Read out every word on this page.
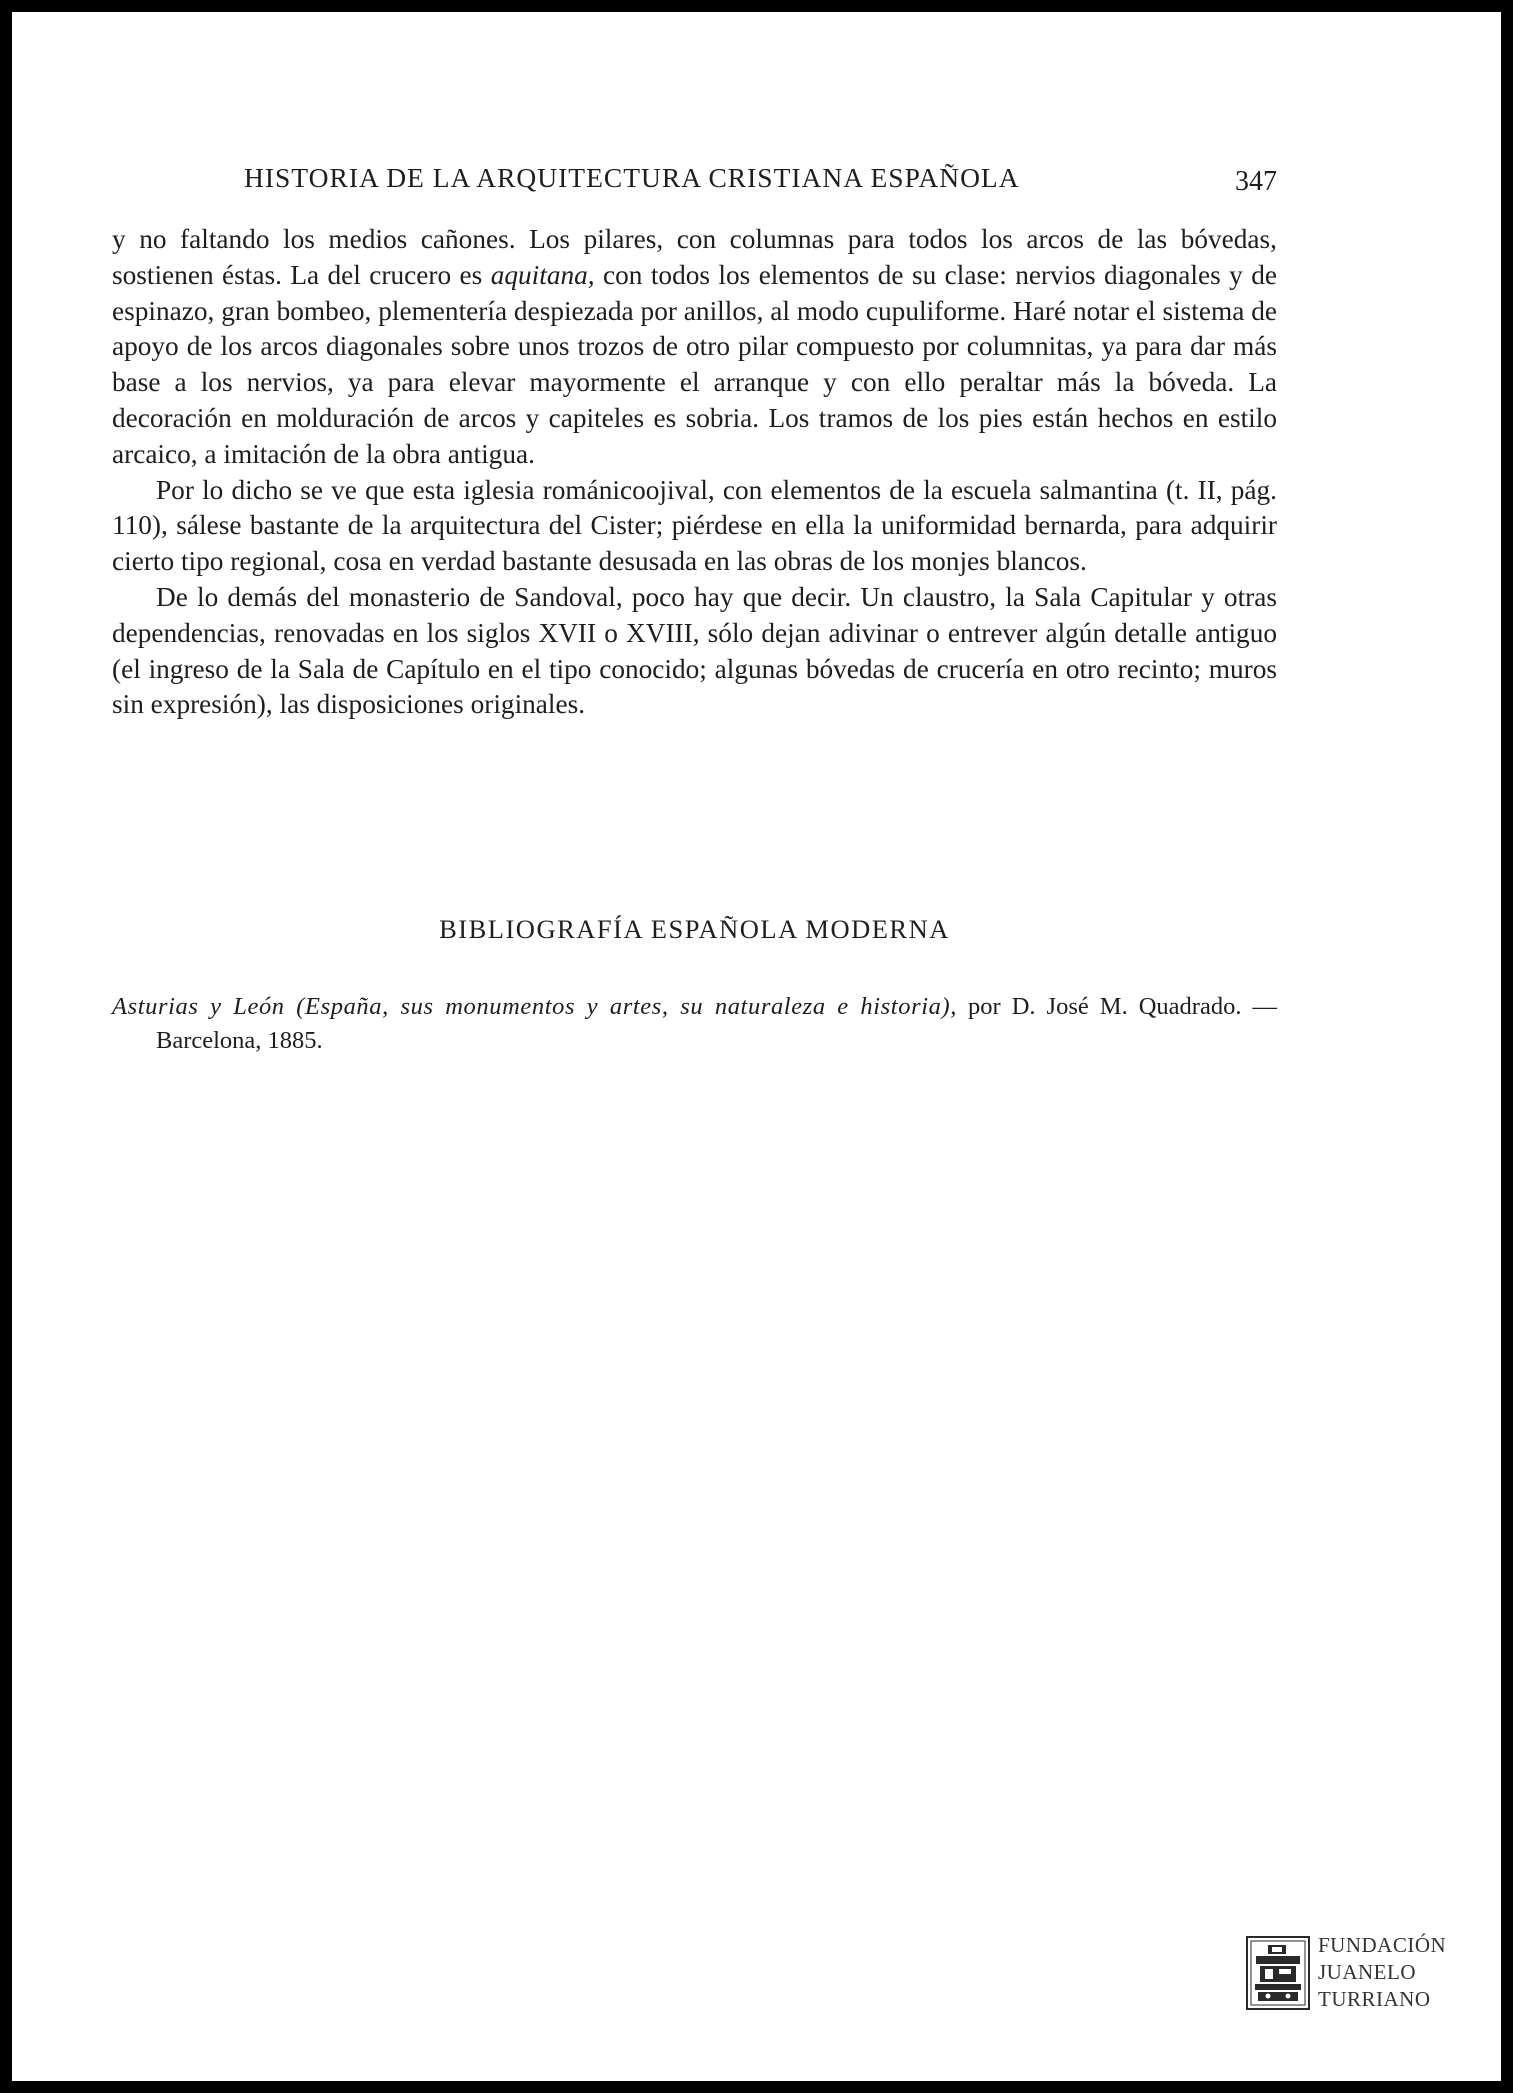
HISTORIA DE LA ARQUITECTURA CRISTIANA ESPAÑOLA	347

y no faltando los medios cañones. Los pilares, con columnas para todos los arcos de las bóvedas, sostienen éstas. La del crucero es aquitana, con todos los elementos de su clase: nervios diagonales y de espinazo, gran bombeo, plementería despiezada por anillos, al modo cupuliforme. Haré notar el sistema de apoyo de los arcos diagonales sobre unos trozos de otro pilar compuesto por columnitas, ya para dar más base a los nervios, ya para elevar mayormente el arranque y con ello peraltar más la bóveda. La decoración en molduración de arcos y capiteles es sobria. Los tramos de los pies están hechos en estilo arcaico, a imitación de la obra antigua.

Por lo dicho se ve que esta iglesia románicoojival, con elementos de la escuela salmantina (t. II, pág. 110), sálese bastante de la arquitectura del Cister; piérdese en ella la uniformidad bernarda, para adquirir cierto tipo regional, cosa en verdad bastante desusada en las obras de los monjes blancos.

De lo demás del monasterio de Sandoval, poco hay que decir. Un claustro, la Sala Capitular y otras dependencias, renovadas en los siglos XVII o XVIII, sólo dejan adivinar o entrever algún detalle antiguo (el ingreso de la Sala de Capítulo en el tipo conocido; algunas bóvedas de crucería en otro recinto; muros sin expresión), las disposiciones originales.

BIBLIOGRAFÍA ESPAÑOLA MODERNA
Asturias y León (España, sus monumentos y artes, su naturaleza e historia), por D. José M. Quadrado. — Barcelona, 1885.
FUNDACIÓN
JUANELO
TURRIANO
